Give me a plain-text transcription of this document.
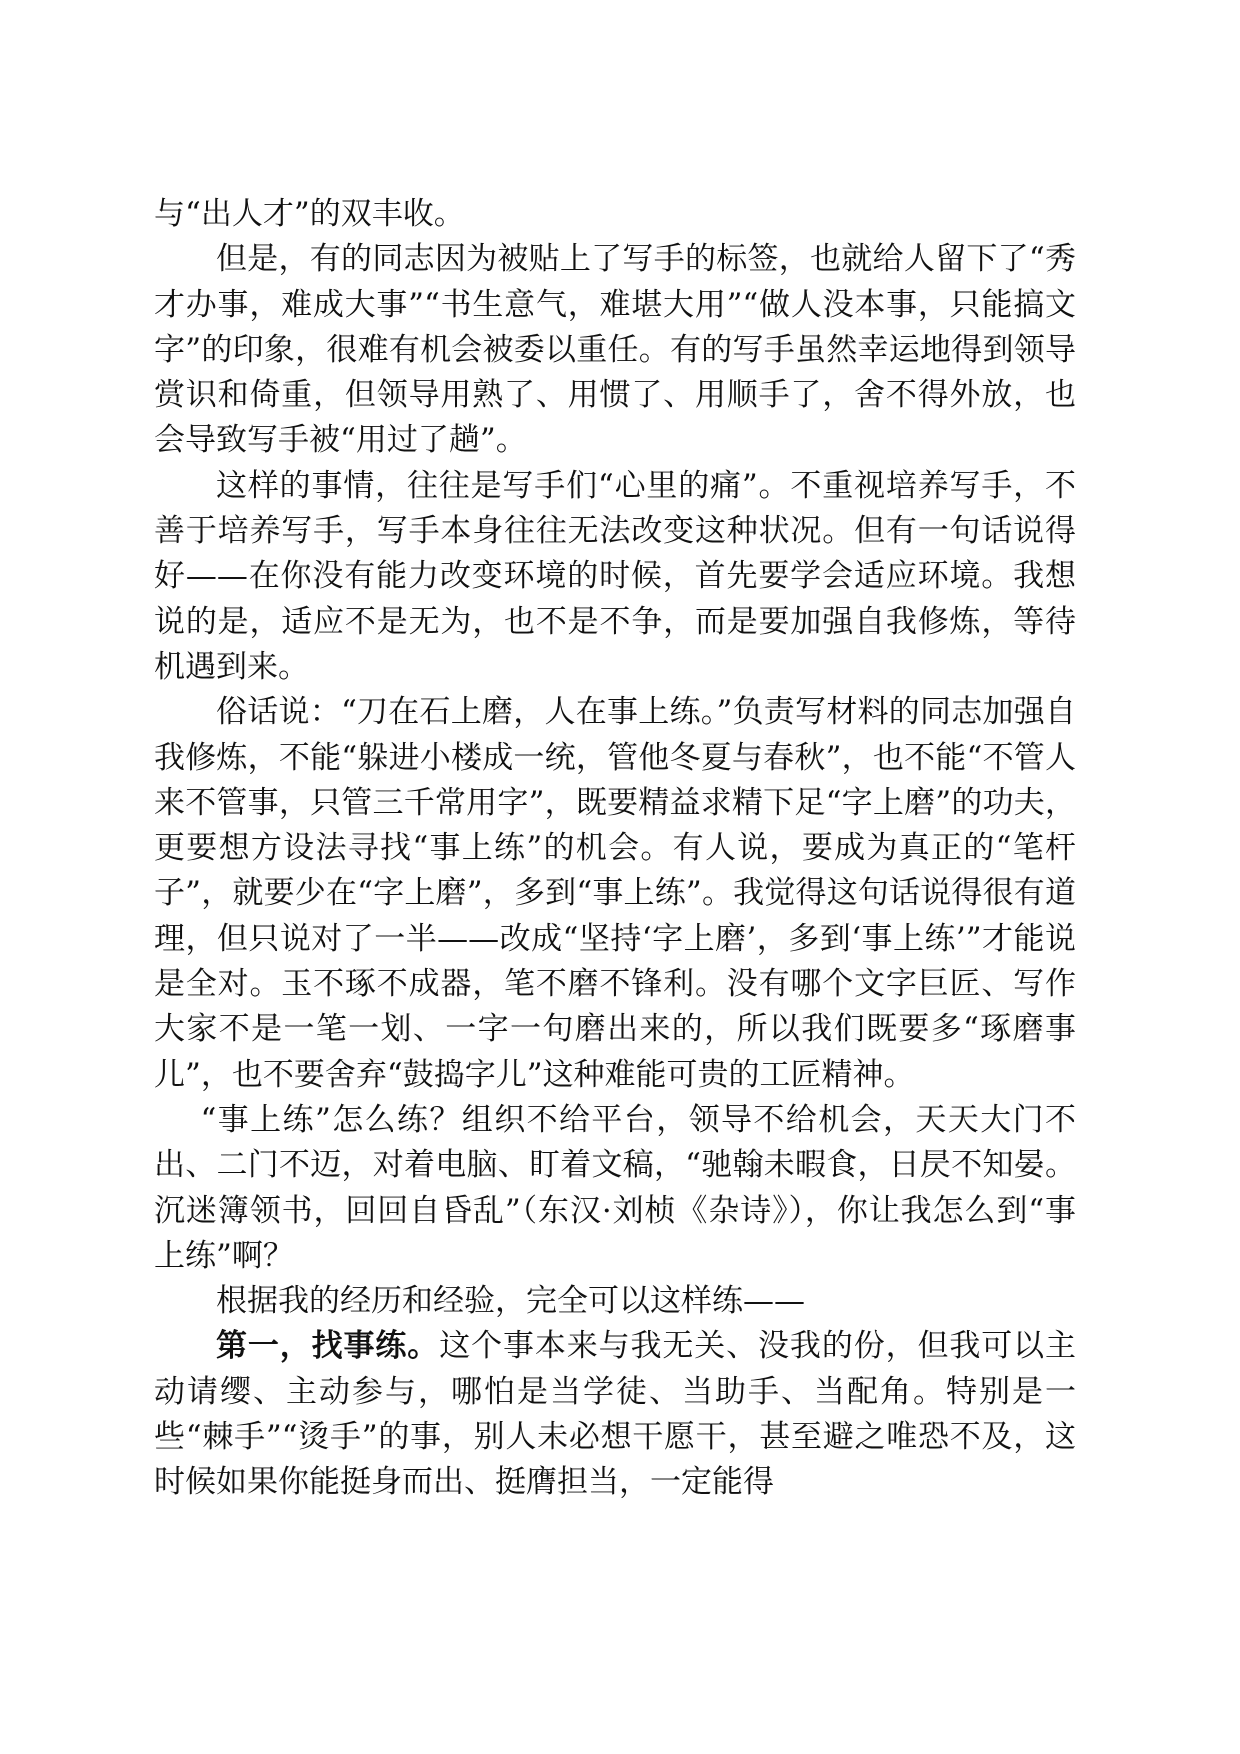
与“出人才”的双丰收。

但是，有的同志因为被贴上了写手的标签，也就给人留下了“秀才办事，难成大事”“书生意气，难堪大用”“做人没本事，只能搞文字”的印象，很难有机会被委以重任。有的写手虽然幸运地得到领导赏识和倚重，但领导用熟了、用惯了、用顺手了，舍不得外放，也会导致写手被“用过了趟”。

这样的事情，往往是写手们“心里的痛”。不重视培养写手，不善于培养写手，写手本身往往无法改变这种状况。但有一句话说得好——在你没有能力改变环境的时候，首先要学会适应环境。我想说的是，适应不是无为，也不是不争，而是要加强自我修炼，等待机遇到来。

俗话说：“刀在石上磨，人在事上练。”负责写材料的同志加强自我修炼，不能“躲进小楼成一统，管他冬夏与春秋”，也不能“不管人来不管事，只管三千常用字”，既要精益求精下足“字上磨”的功夫，更要想方设法寻找“事上练”的机会。有人说，要成为真正的“笔杆子”，就要少在“字上磨”，多到“事上练”。我觉得这句话说得很有道理，但只说对了一半——改成“坚持‘字上磨’，多到‘事上练’”才能说是全对。玉不琢不成器，笔不磨不锋利。没有哪个文字巨匠、写作大家不是一笔一划、一字一句磨出来的，所以我们既要多“琢磨事儿”，也不要舍弃“鼓捣字儿”这种难能可贵的工匠精神。

“事上练”怎么练？组织不给平台，领导不给机会，天天大门不出、二门不迈，对着电脑、盯着文稿，“驰翰未暇食，日昃不知晏。沉迷簿领书，回回自昏乱”（东汉·刘桢《杂诗》），你让我怎么到“事上练”啊？

根据我的经历和经验，完全可以这样练——

第一，找事练。这个事本来与我无关、没我的份，但我可以主动请缨、主动参与，哪怕是当学徒、当助手、当配角。特别是一些“棘手”“烫手”的事，别人未必想干愿干，甚至避之唯恐不及，这时候如果你能挺身而出、挺膺担当，一定能得
